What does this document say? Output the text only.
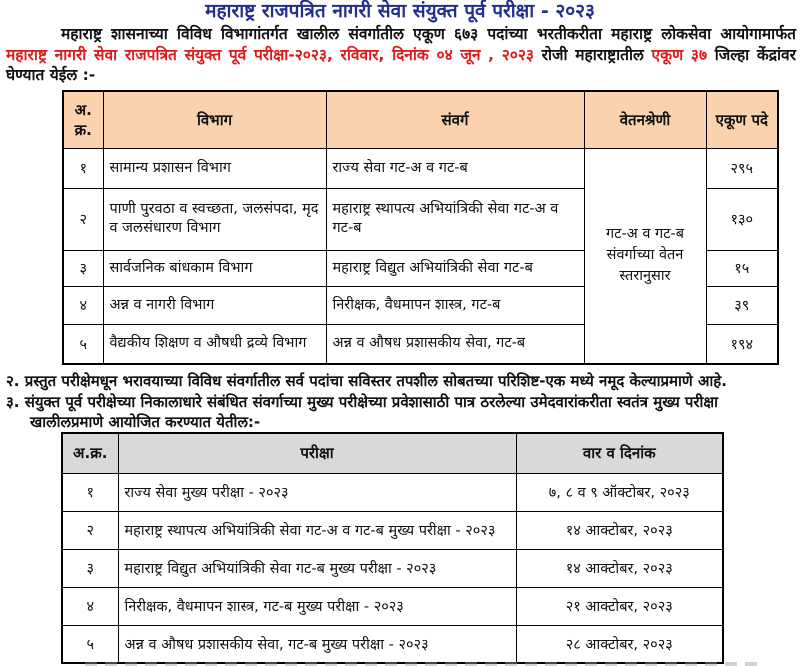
महाराष्ट्र राजपत्रित नागरी सेवा संयुक्त पूर्व परीक्षा - २०२३
महाराष्ट्र शासनाच्या विविध विभागांतर्गत खालील संवर्गातील एकूण ६७३ पदांच्या भरतीकरीता महाराष्ट्र लोकसेवा आयोगामार्फत महाराष्ट्र नागरी सेवा राजपत्रित संयुक्त पूर्व परीक्षा-२०२३, रविवार, दिनांक ०४ जून , २०२३ रोजी महाराष्ट्रातील एकूण ३७ जिल्हा केंद्रांवर घेण्यात येईल :-
अ.
क्र.	विभाग	संवर्ग	वेतनश्रेणी	एकूण पदे
१	सामान्य प्रशासन विभाग	राज्य सेवा गट-अ व गट-ब	गट-अ व गट-ब संवर्गाच्या वेतन स्तरानुसार	२९५
२	पाणी पुरवठा व स्वच्छता, जलसंपदा, मृद व जलसंधारण विभाग	महाराष्ट्र स्थापत्य अभियांत्रिकी सेवा गट-अ व गट-ब		१३०
३	सार्वजनिक बांधकाम विभाग	महाराष्ट्र विद्युत अभियांत्रिकी सेवा गट-ब		१५
४	अन्न व नागरी विभाग	निरीक्षक, वैधमापन शास्त्र, गट-ब		३९
५	वैद्यकीय शिक्षण व औषधी द्रव्ये विभाग	अन्न व औषध प्रशासकीय सेवा, गट-ब		१९४
२. प्रस्तुत परीक्षेमधून भरावयाच्या विविध संवर्गातील सर्व पदांचा सविस्तर तपशील सोबतच्या परिशिष्ट-एक मध्ये नमूद केल्याप्रमाणे आहे.
३. संयुक्त पूर्व परीक्षेच्या निकालाधारे संबंधित संवर्गाच्या मुख्य परीक्षेच्या प्रवेशासाठी पात्र ठरलेल्या उमेदवारांकरीता स्वतंत्र मुख्य परीक्षा खालीलप्रमाणे आयोजित करण्यात येतील:-
अ.क्र.	परीक्षा	वार व दिनांक
१	राज्य सेवा मुख्य परीक्षा - २०२३	७, ८ व ९ ऑक्टोबर, २०२३
२	महाराष्ट्र स्थापत्य अभियांत्रिकी सेवा गट-अ व गट-ब मुख्य परीक्षा - २०२३	१४ आक्टोबर, २०२३
३	महाराष्ट्र विद्युत अभियांत्रिकी सेवा गट-ब मुख्य परीक्षा - २०२३	१४ आक्टोबर, २०२३
४	निरीक्षक, वैधमापन शास्त्र, गट-ब मुख्य परीक्षा - २०२३	२१ आक्टोबर, २०२३
५	अन्न व औषध प्रशासकीय सेवा, गट-ब मुख्य परीक्षा - २०२३	२८ आक्टोबर, २०२३
